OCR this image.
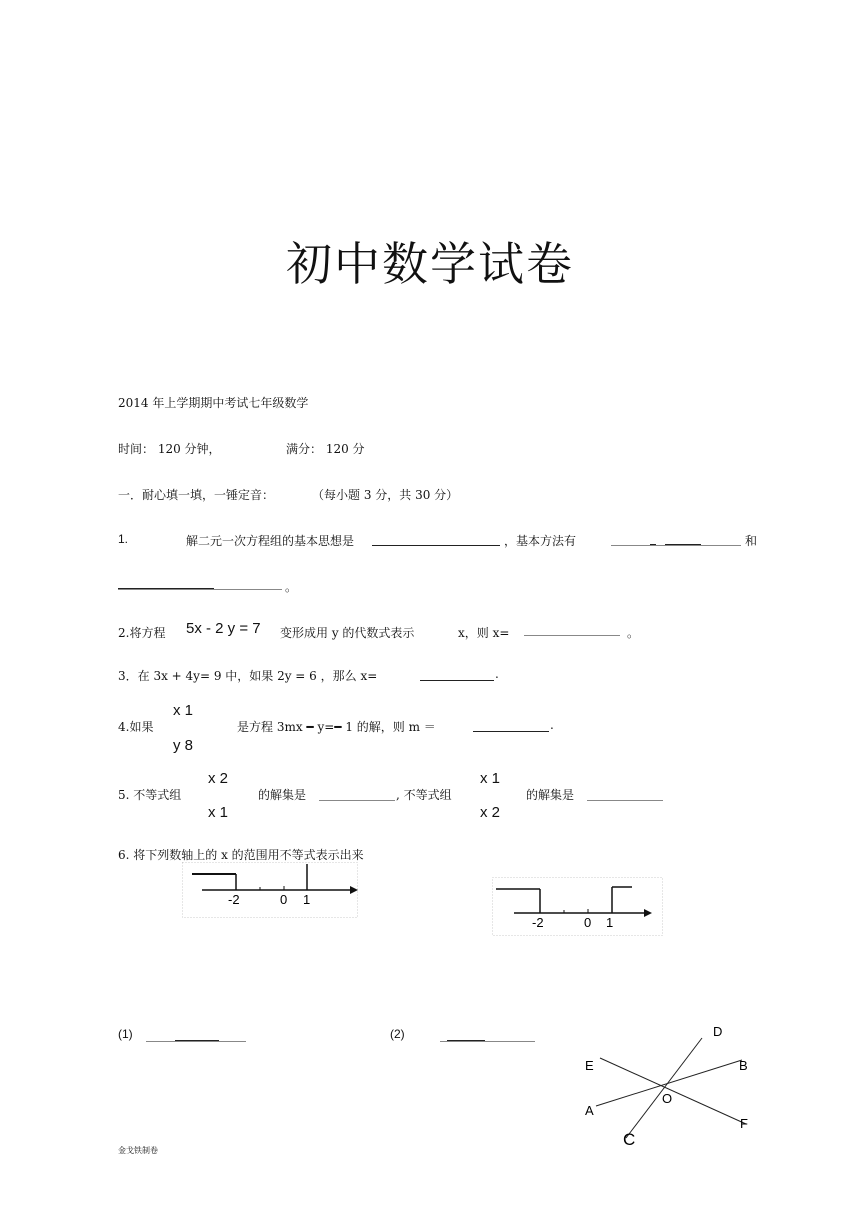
初中数学试卷
2014 年上学期期中考试七年级数学
时间： 120 分钟，	满分： 120 分
一．耐心填一填，一锤定音：	（每小题 3 分，共 30 分）
1.	解二元一次方程组的基本思想是	，基本方法有	和
。
2.将方程 5x - 2 y = 7 变形成用 y 的代数式表示	x，则 x=	。
3．在 3x + 4y= 9 中，如果 2y = 6 ，那么 x=	.
x 1
4.如果
y 8
是方程 3mx ━ y=━ 1 的解，则 m ＝	.
x 2
5. 不等式组
x 1
的解集是	, 不等式组
x 1
x 2
的解集是
6. 将下列数轴上的 x 的范围用不等式表示出来
-2	0 1
-2	0 1
(1)	(2)	D
E	B
A
O
F
C
金戈铁制卷
